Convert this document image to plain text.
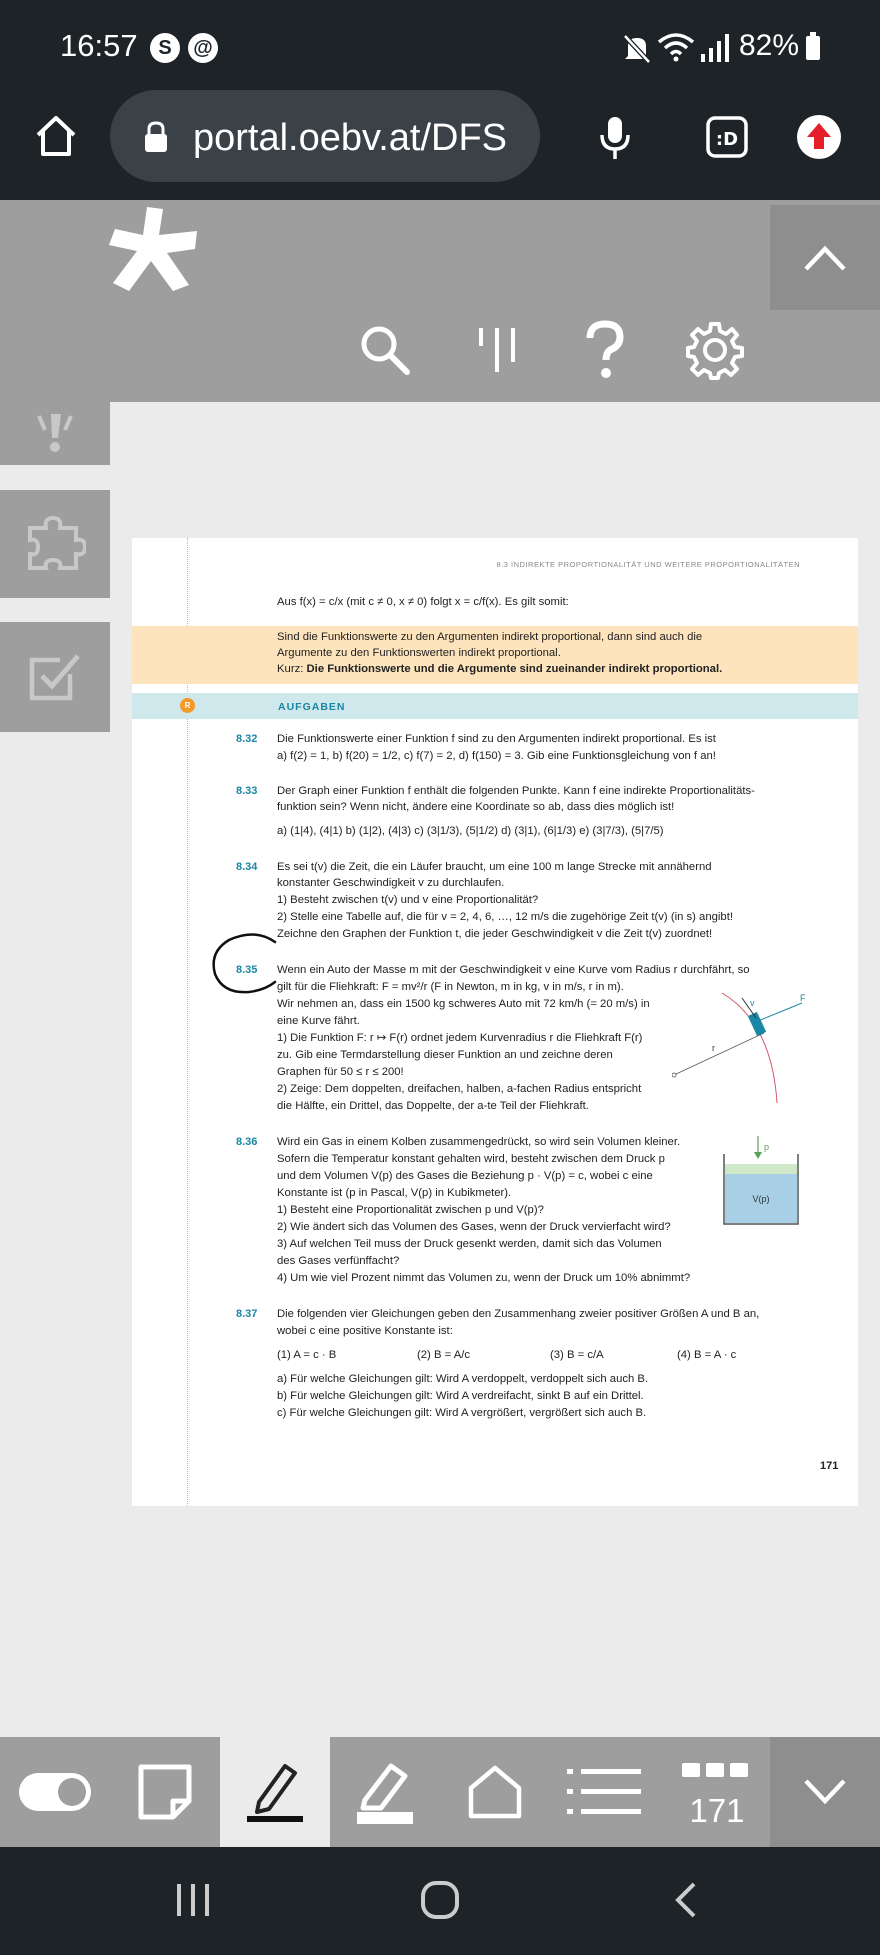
16:57	S	@	82%
portal.oebv.at/DFS	:D
8.3 INDIREKTE PROPORTIONALITÄT UND WEITERE PROPORTIONALITÄTEN
Aus f(x) = c/x (mit c ≠ 0, x ≠ 0) folgt x = c/f(x). Es gilt somit:
Sind die Funktionswerte zu den Argumenten indirekt proportional, dann sind auch die
Argumente zu den Funktionswerten indirekt proportional.
Kurz: Die Funktionswerte und die Argumente sind zueinander indirekt proportional.
R	AUFGABEN
8.32 Die Funktionswerte einer Funktion f sind zu den Argumenten indirekt proportional. Es ist
a) f(2) = 1, b) f(20) = 1/2, c) f(7) = 2, d) f(150) = 3. Gib eine Funktionsgleichung von f an!
8.33 Der Graph einer Funktion f enthält die folgenden Punkte. Kann f eine indirekte Proportionalitäts-
funktion sein? Wenn nicht, ändere eine Koordinate so ab, dass dies möglich ist!
a) (1|4), (4|1) b) (1|2), (4|3) c) (3|1/3), (5|1/2) d) (3|1), (6|1/3) e) (3|7/3), (5|7/5)
8.34 Es sei t(v) die Zeit, die ein Läufer braucht, um eine 100 m lange Strecke mit annähernd
konstanter Geschwindigkeit v zu durchlaufen.
1) Besteht zwischen t(v) und v eine Proportionalität?
2) Stelle eine Tabelle auf, die für v = 2, 4, 6, …, 12 m/s die zugehörige Zeit t(v) (in s) angibt!
Zeichne den Graphen der Funktion t, die jeder Geschwindigkeit v die Zeit t(v) zuordnet!
8.35 Wenn ein Auto der Masse m mit der Geschwindigkeit v eine Kurve vom Radius r durchfährt, so
gilt für die Fliehkraft: F = mv²/r (F in Newton, m in kg, v in m/s, r in m).
Wir nehmen an, dass ein 1500 kg schweres Auto mit 72 km/h (= 20 m/s) in
eine Kurve fährt.
1) Die Funktion F: r ↦ F(r) ordnet jedem Kurvenradius r die Fliehkraft F(r)
zu. Gib eine Termdarstellung dieser Funktion an und zeichne deren
Graphen für 50 ≤ r ≤ 200!
2) Zeige: Dem doppelten, dreifachen, halben, a-fachen Radius entspricht
die Hälfte, ein Drittel, das Doppelte, der a-te Teil der Fliehkraft.
r
F
v
8.36 Wird ein Gas in einem Kolben zusammengedrückt, so wird sein Volumen kleiner.
Sofern die Temperatur konstant gehalten wird, besteht zwischen dem Druck p
und dem Volumen V(p) des Gases die Beziehung p · V(p) = c, wobei c eine
Konstante ist (p in Pascal, V(p) in Kubikmeter).
1) Besteht eine Proportionalität zwischen p und V(p)?
2) Wie ändert sich das Volumen des Gases, wenn der Druck vervierfacht wird?
3) Auf welchen Teil muss der Druck gesenkt werden, damit sich das Volumen
des Gases verfünffacht?
4) Um wie viel Prozent nimmt das Volumen zu, wenn der Druck um 10% abnimmt?
p
V(p)
8.37 Die folgenden vier Gleichungen geben den Zusammenhang zweier positiver Größen A und B an,
wobei c eine positive Konstante ist:
(1) A = c · B	(2) B = A/c	(3) B = c/A	(4) B = A · c
a) Für welche Gleichungen gilt: Wird A verdoppelt, verdoppelt sich auch B.
b) Für welche Gleichungen gilt: Wird A verdreifacht, sinkt B auf ein Drittel.
c) Für welche Gleichungen gilt: Wird A vergrößert, vergrößert sich auch B.
171
171
